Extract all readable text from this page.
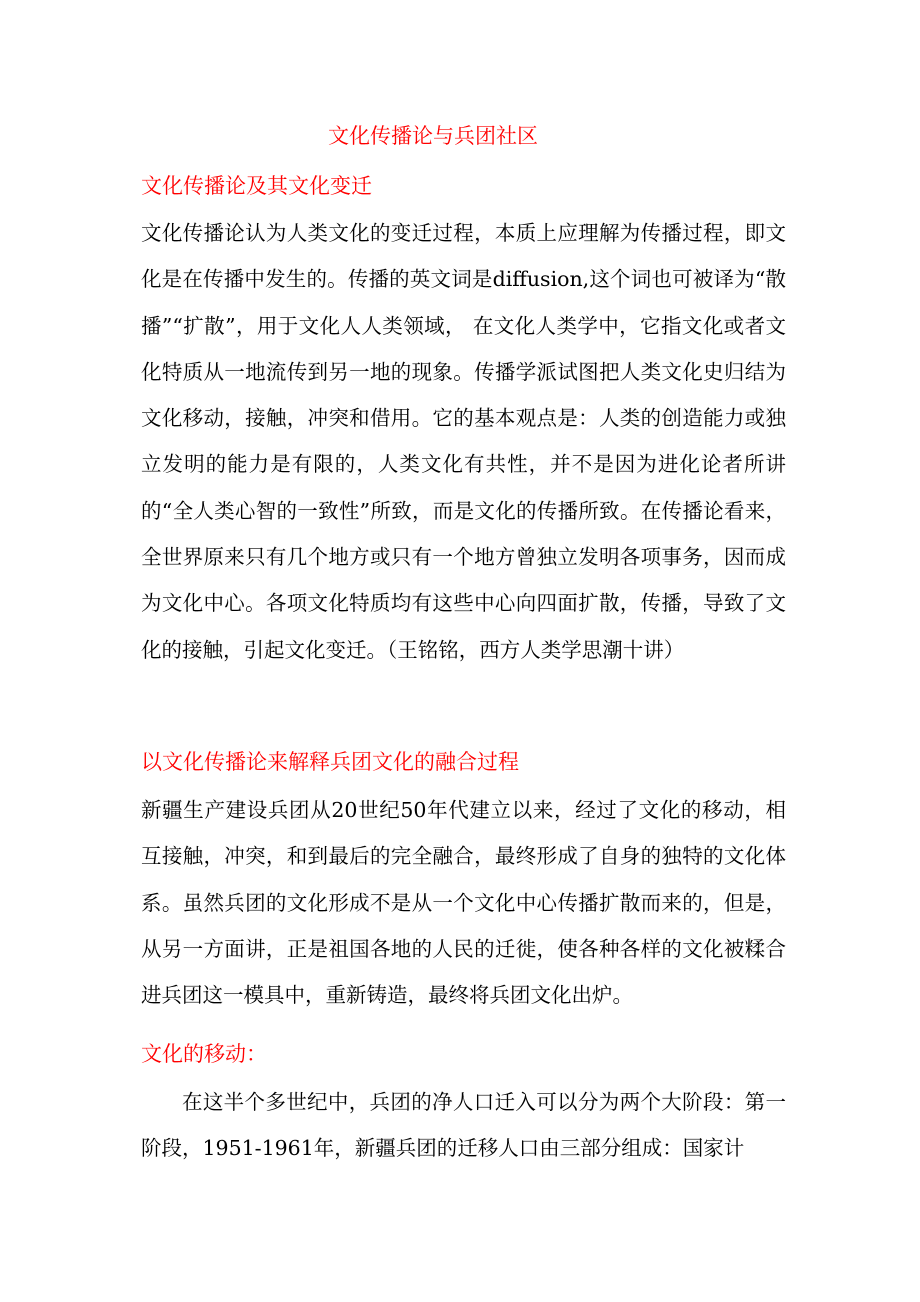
文化传播论与兵团社区
文化传播论及其文化变迁

文化传播论认为人类文化的变迁过程，本质上应理解为传播过程，即文化是在传播中发生的。传播的英文词是diffusion,这个词也可被译为“散播”“扩散”，用于文化人人类领域， 在文化人类学中，它指文化或者文化特质从一地流传到另一地的现象。传播学派试图把人类文化史归结为文化移动，接触，冲突和借用。它的基本观点是：人类的创造能力或独立发明的能力是有限的，人类文化有共性，并不是因为进化论者所讲的“全人类心智的一致性”所致，而是文化的传播所致。在传播论看来，全世界原来只有几个地方或只有一个地方曾独立发明各项事务，因而成为文化中心。各项文化特质均有这些中心向四面扩散，传播，导致了文化的接触，引起文化变迁。（王铭铭，西方人类学思潮十讲）

以文化传播论来解释兵团文化的融合过程

新疆生产建设兵团从20世纪50年代建立以来，经过了文化的移动，相互接触，冲突，和到最后的完全融合，最终形成了自身的独特的文化体系。虽然兵团的文化形成不是从一个文化中心传播扩散而来的，但是，从另一方面讲，正是祖国各地的人民的迁徙，使各种各样的文化被糅合进兵团这一模具中，重新铸造，最终将兵团文化出炉。

文化的移动：

在这半个多世纪中，兵团的净人口迁入可以分为两个大阶段：第一阶段，1951-1961年，新疆兵团的迁移人口由三部分组成：国家计
